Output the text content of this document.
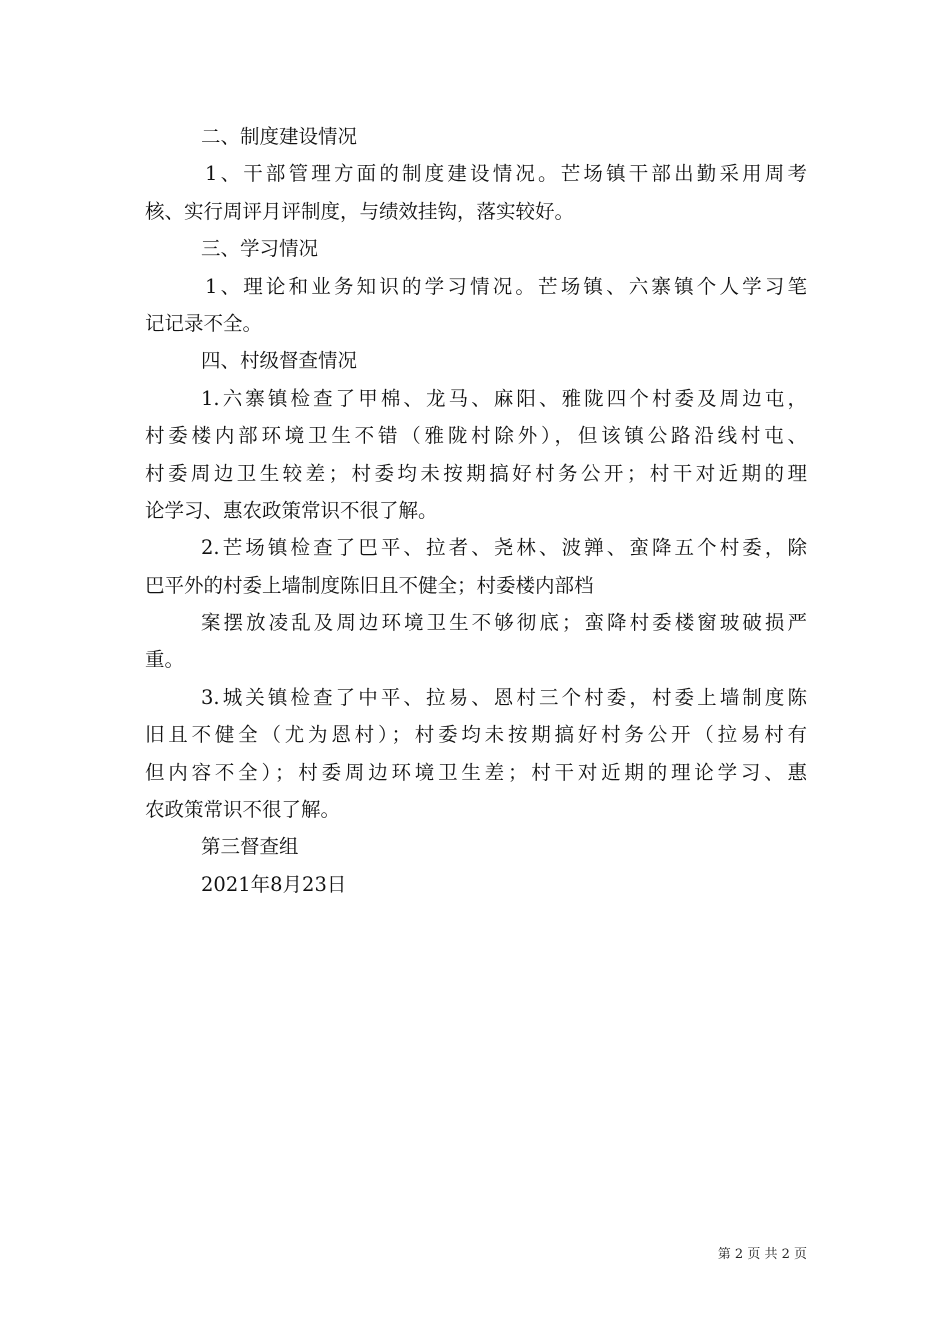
二、制度建设情况
1、干部管理方面的制度建设情况。芒场镇干部出勤采用周考
核、实行周评月评制度，与绩效挂钩，落实较好。
三、学习情况
1、理论和业务知识的学习情况。芒场镇、六寨镇个人学习笔
记记录不全。
四、村级督查情况
1.六寨镇检查了甲棉、龙马、麻阳、雅陇四个村委及周边屯，
村委楼内部环境卫生不错（雅陇村除外），但该镇公路沿线村屯、
村委周边卫生较差；村委均未按期搞好村务公开；村干对近期的理
论学习、惠农政策常识不很了解。
2.芒场镇检查了巴平、拉者、尧林、波亸、蛮降五个村委，除
巴平外的村委上墙制度陈旧且不健全；村委楼内部档
案摆放凌乱及周边环境卫生不够彻底；蛮降村委楼窗玻破损严
重。
3.城关镇检查了中平、拉易、恩村三个村委，村委上墙制度陈
旧且不健全（尤为恩村）；村委均未按期搞好村务公开（拉易村有
但内容不全）；村委周边环境卫生差；村干对近期的理论学习、惠
农政策常识不很了解。
第三督查组
2021年8月23日
第 2 页 共 2 页
